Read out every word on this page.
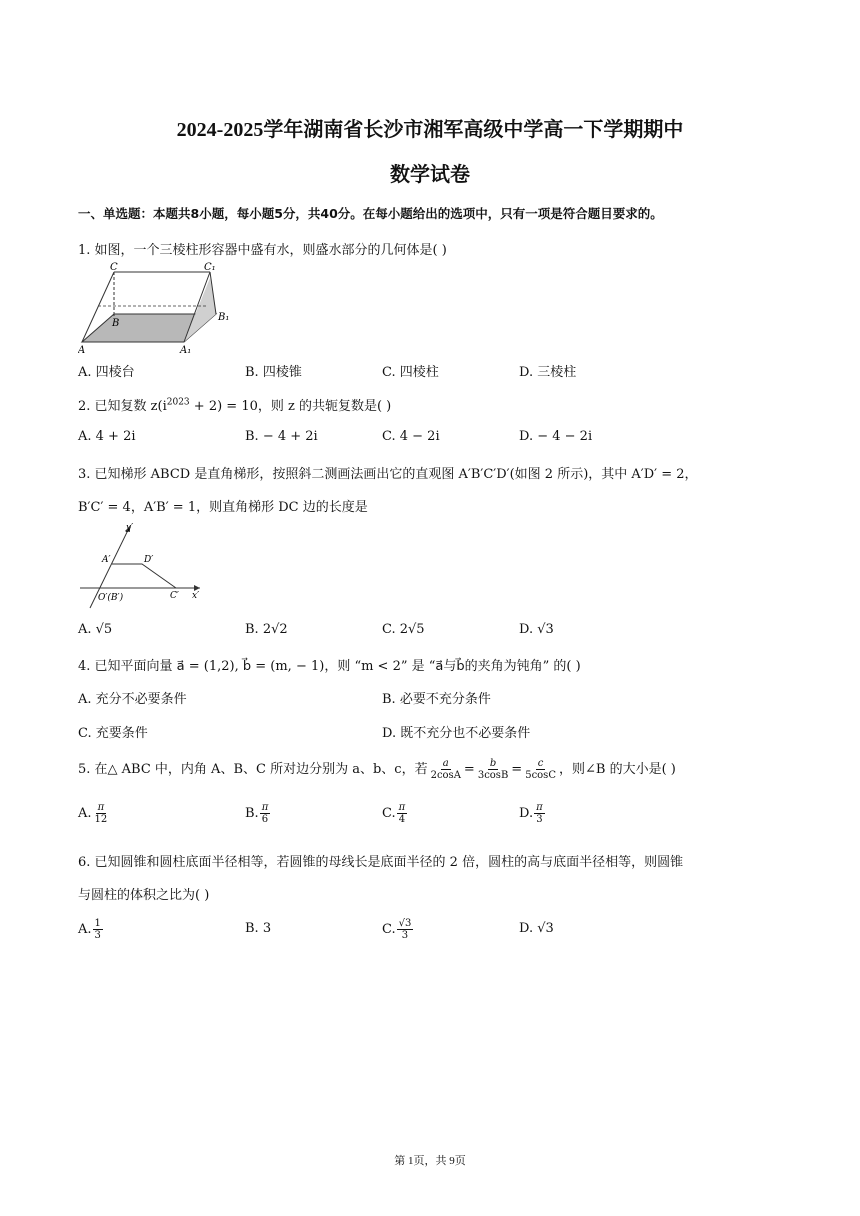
2024-2025学年湖南省长沙市湘军高级中学高一下学期期中
数学试卷
一、单选题：本题共8小题，每小题5分，共40分。在每小题给出的选项中，只有一项是符合题目要求的。
1. 如图，一个三棱柱形容器中盛有水，则盛水部分的几何体是( )
C	C₁
B
B₁
A	A₁
A. 四棱台	B. 四棱锥	C. 四棱柱	D. 三棱柱
2. 已知复数 $z(i^{2023} + 2) = 10$，则 z 的共轭复数是( )
A. 4 + 2i	B. − 4 + 2i	C. 4 − 2i	D. − 4 − 2i
3. 已知梯形 ABCD 是直角梯形，按照斜二测画法画出它的直观图 A′B′C′D′(如图 2 所示)，其中 A′D′ = 2，
B′C′ = 4，A′B′ = 1，则直角梯形 DC 边的长度是
y′
A′	D′
O′(B′)	C′ x′
A. √5	B. 2√2	C. 2√5	D. √3
4. 已知平面向量 a⃗ = (1,2), b⃗ = (m, − 1)，则 “m < 2” 是 “a⃗与b⃗的夹角为钝角” 的( )
A. 充分不必要条件	B. 必要不充分条件
C. 充要条件	D. 既不充分也不必要条件
5. 在△ ABC 中，内角 A、B、C 所对边分别为 a、b、c，若 $\frac{a}{2\cos A} = \frac{b}{3\cos B} = \frac{c}{5\cos C}$ ，则∠B 的大小是( )
A. $\frac{\pi}{12}$	B. $\frac{\pi}{6}$	C. $\frac{\pi}{4}$	D. $\frac{\pi}{3}$
6. 已知圆锥和圆柱底面半径相等，若圆锥的母线长是底面半径的 2 倍，圆柱的高与底面半径相等，则圆锥
与圆柱的体积之比为( )
A. $\frac{1}{3}$	B. 3	C. $\frac{√3}{3}$	D. √3
第 1页，共 9页
